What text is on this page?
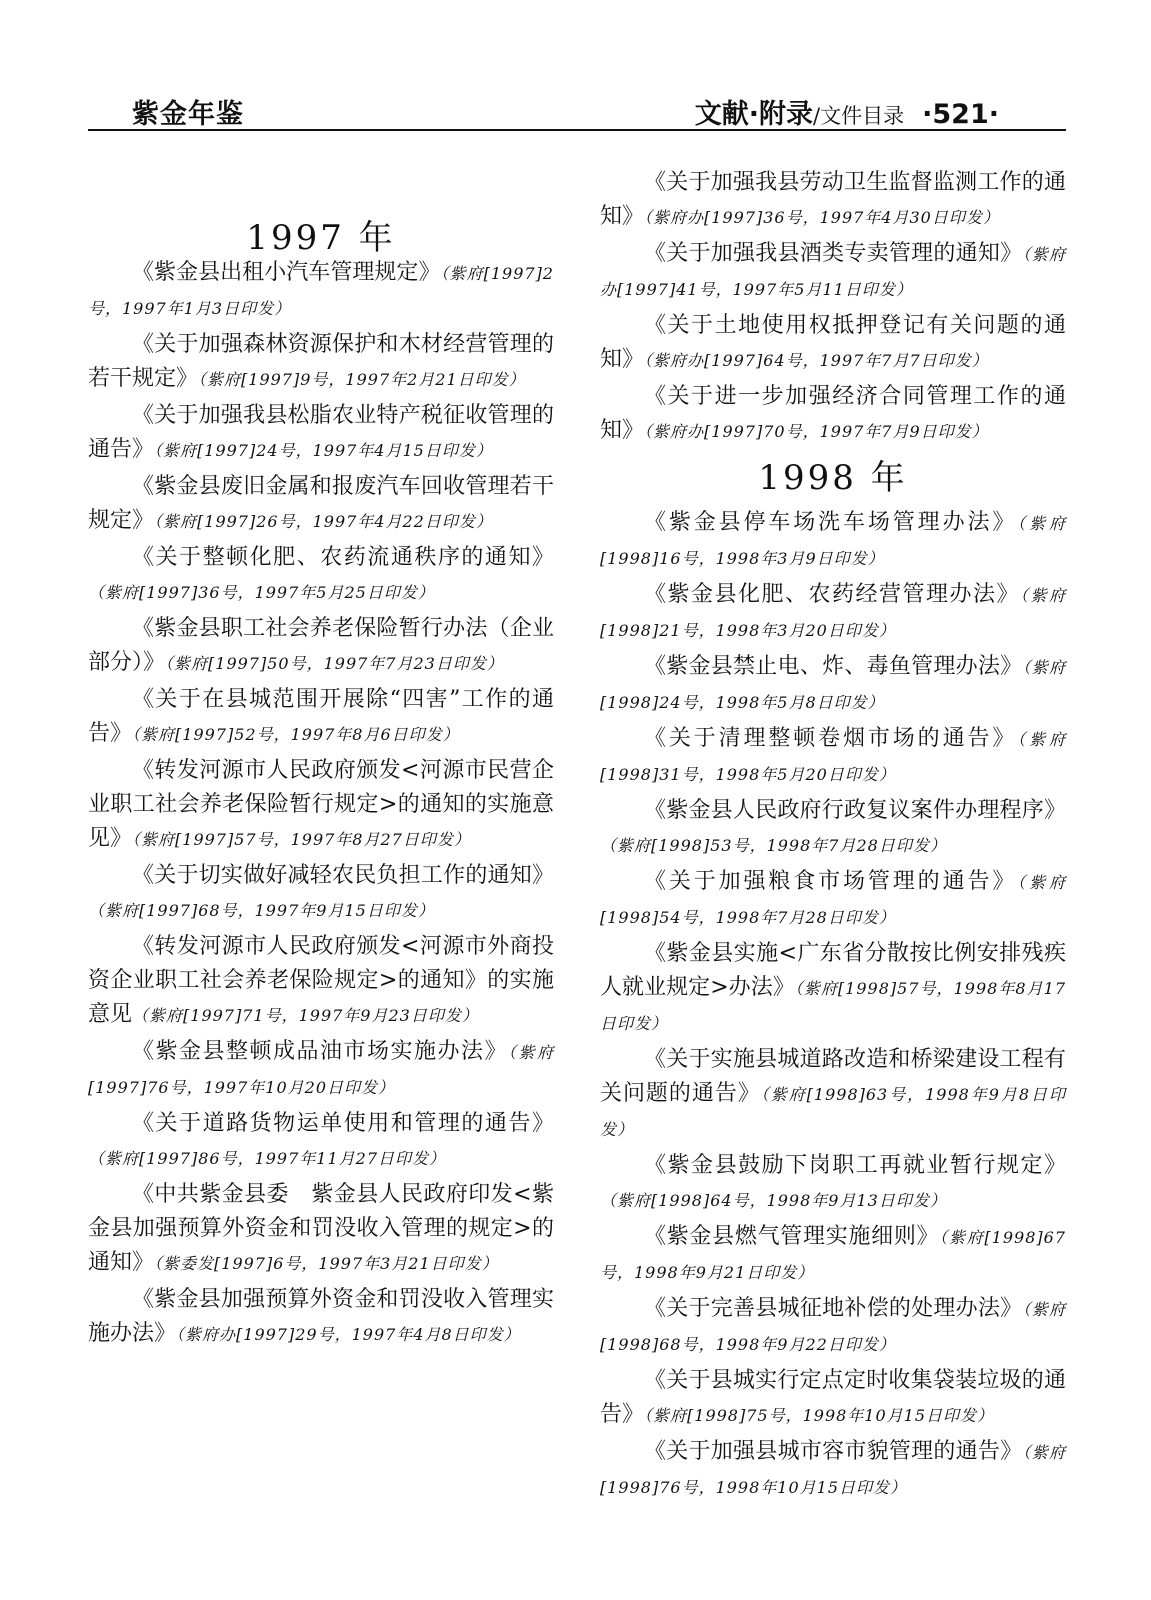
紫金年鉴	文献·附录/文件目录 ·521·
1997 年

《紫金县出租小汽车管理规定》（紫府[1997]2号，1997年1月3日印发）

《关于加强森林资源保护和木材经营管理的若干规定》（紫府[1997]9号，1997年2月21日印发）

《关于加强我县松脂农业特产税征收管理的通告》（紫府[1997]24号，1997年4月15日印发）

《紫金县废旧金属和报废汽车回收管理若干规定》（紫府[1997]26号，1997年4月22日印发）

《关于整顿化肥、农药流通秩序的通知》（紫府[1997]36号，1997年5月25日印发）

《紫金县职工社会养老保险暂行办法（企业部分）》（紫府[1997]50号，1997年7月23日印发）

《关于在县城范围开展除“四害”工作的通告》（紫府[1997]52号，1997年8月6日印发）

《转发河源市人民政府颁发<河源市民营企业职工社会养老保险暂行规定>的通知的实施意见》（紫府[1997]57号，1997年8月27日印发）

《关于切实做好减轻农民负担工作的通知》（紫府[1997]68号，1997年9月15日印发）

《转发河源市人民政府颁发<河源市外商投资企业职工社会养老保险规定>的通知》的实施意见（紫府[1997]71号，1997年9月23日印发）

《紫金县整顿成品油市场实施办法》（紫府[1997]76号，1997年10月20日印发）

《关于道路货物运单使用和管理的通告》（紫府[1997]86号，1997年11月27日印发）

《中共紫金县委　紫金县人民政府印发<紫金县加强预算外资金和罚没收入管理的规定>的通知》（紫委发[1997]6号，1997年3月21日印发）

《紫金县加强预算外资金和罚没收入管理实施办法》（紫府办[1997]29号，1997年4月8日印发）

《关于加强我县劳动卫生监督监测工作的通知》（紫府办[1997]36号，1997年4月30日印发）

《关于加强我县酒类专卖管理的通知》（紫府办[1997]41号，1997年5月11日印发）

《关于土地使用权抵押登记有关问题的通知》（紫府办[1997]64号，1997年7月7日印发）

《关于进一步加强经济合同管理工作的通知》（紫府办[1997]70号，1997年7月9日印发）

1998 年

《紫金县停车场洗车场管理办法》（紫府[1998]16号，1998年3月9日印发）

《紫金县化肥、农药经营管理办法》（紫府[1998]21号，1998年3月20日印发）

《紫金县禁止电、炸、毒鱼管理办法》（紫府[1998]24号，1998年5月8日印发）

《关于清理整顿卷烟市场的通告》（紫府[1998]31号，1998年5月20日印发）

《紫金县人民政府行政复议案件办理程序》（紫府[1998]53号，1998年7月28日印发）

《关于加强粮食市场管理的通告》（紫府[1998]54号，1998年7月28日印发）

《紫金县实施<广东省分散按比例安排残疾人就业规定>办法》（紫府[1998]57号，1998年8月17日印发）

《关于实施县城道路改造和桥梁建设工程有关问题的通告》（紫府[1998]63号，1998年9月8日印发）

《紫金县鼓励下岗职工再就业暂行规定》（紫府[1998]64号，1998年9月13日印发）

《紫金县燃气管理实施细则》（紫府[1998]67号，1998年9月21日印发）

《关于完善县城征地补偿的处理办法》（紫府[1998]68号，1998年9月22日印发）

《关于县城实行定点定时收集袋装垃圾的通告》（紫府[1998]75号，1998年10月15日印发）

《关于加强县城市容市貌管理的通告》（紫府[1998]76号，1998年10月15日印发）
